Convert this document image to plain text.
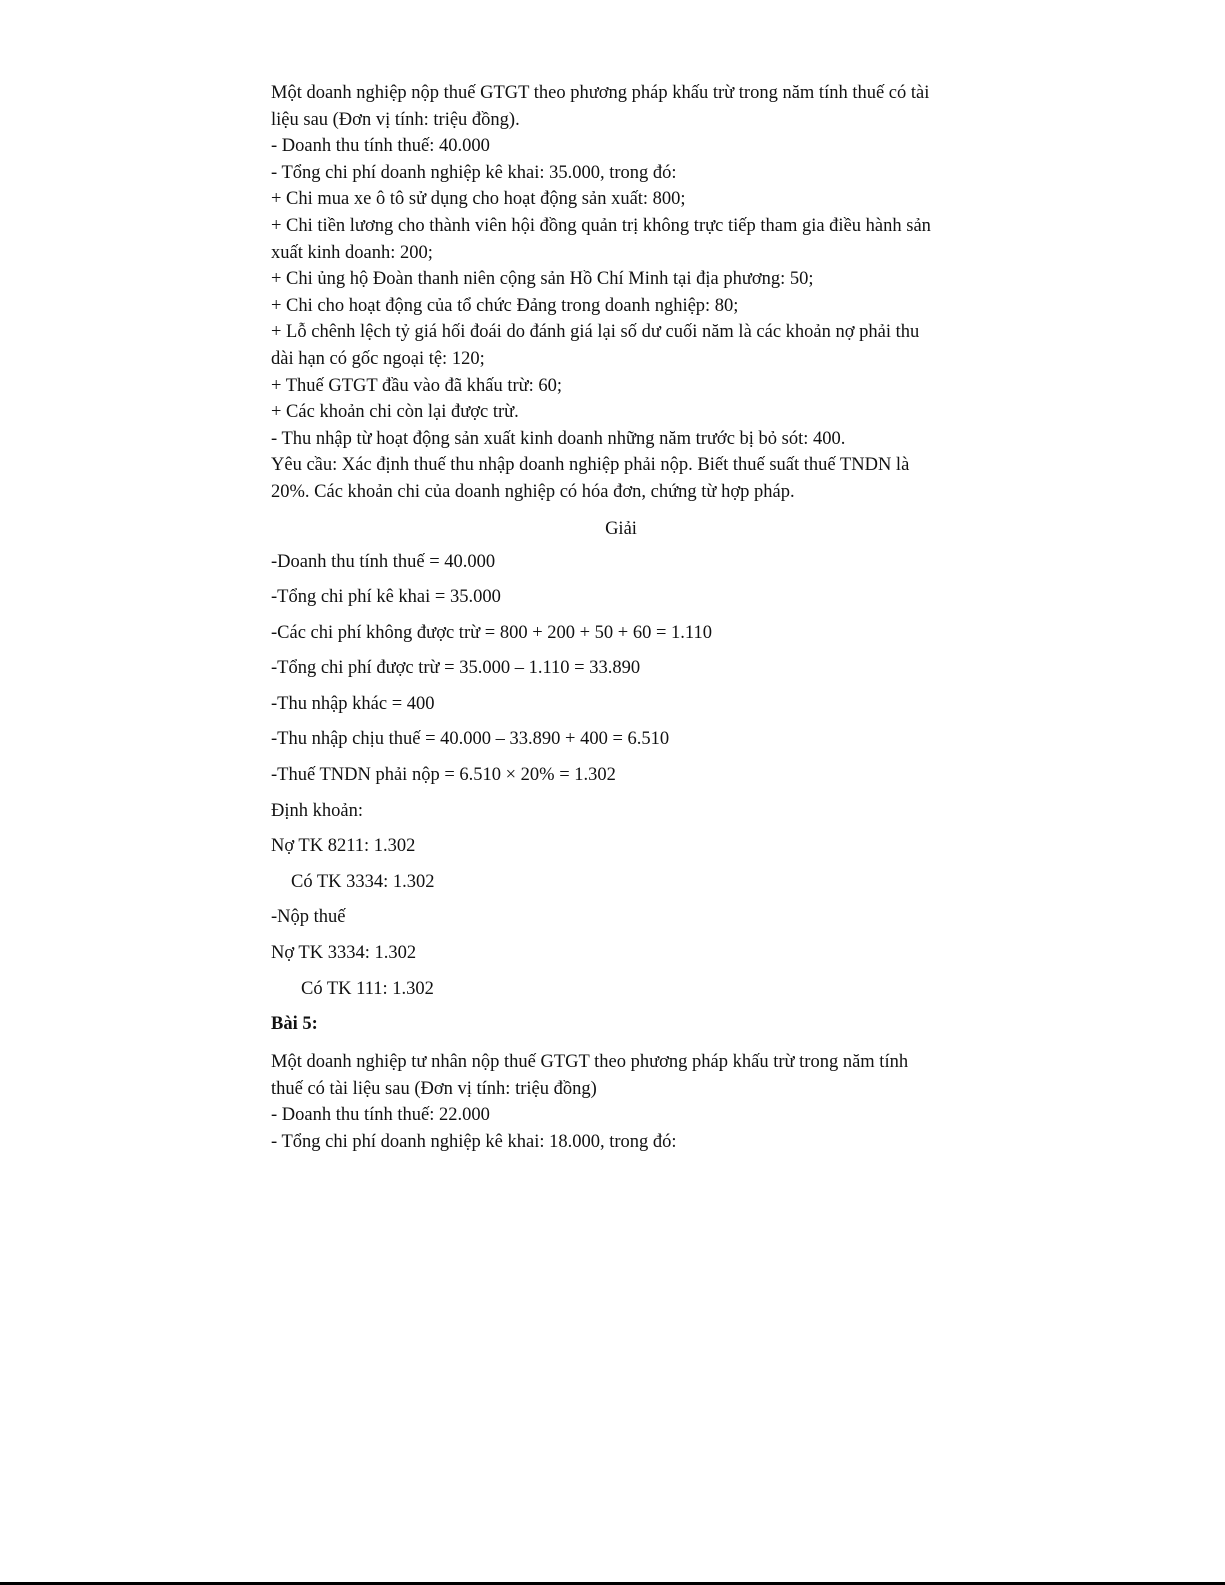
Một doanh nghiệp nộp thuế GTGT theo phương pháp khấu trừ trong năm tính thuế có tài
liệu sau (Đơn vị tính: triệu đồng).
- Doanh thu tính thuế: 40.000
- Tổng chi phí doanh nghiệp kê khai: 35.000, trong đó:
+ Chi mua xe ô tô sử dụng cho hoạt động sản xuất: 800;
+ Chi tiền lương cho thành viên hội đồng quản trị không trực tiếp tham gia điều hành sản
xuất kinh doanh: 200;
+ Chi ủng hộ Đoàn thanh niên cộng sản Hồ Chí Minh tại địa phương: 50;
+ Chi cho hoạt động của tổ chức Đảng trong doanh nghiệp: 80;
+ Lỗ chênh lệch tỷ giá hối đoái do đánh giá lại số dư cuối năm là các khoản nợ phải thu
dài hạn có gốc ngoại tệ: 120;
+ Thuế GTGT đầu vào đã khấu trừ: 60;
+ Các khoản chi còn lại được trừ.
- Thu nhập từ hoạt động sản xuất kinh doanh những năm trước bị bỏ sót: 400.
Yêu cầu: Xác định thuế thu nhập doanh nghiệp phải nộp. Biết thuế suất thuế TNDN là
20%. Các khoản chi của doanh nghiệp có hóa đơn, chứng từ hợp pháp.
Giải
-Doanh thu tính thuế = 40.000
-Tổng chi phí kê khai = 35.000
-Các chi phí không được trừ = 800 + 200 + 50 + 60 = 1.110
-Tổng chi phí được trừ = 35.000 – 1.110 = 33.890
-Thu nhập khác = 400
-Thu nhập chịu thuế = 40.000 – 33.890 + 400 = 6.510
-Thuế TNDN phải nộp = 6.510 × 20% = 1.302
Định khoản:
Nợ TK 8211: 1.302
Có TK 3334: 1.302
-Nộp thuế
Nợ TK 3334: 1.302
Có TK 111: 1.302
Bài 5:
Một doanh nghiệp tư nhân nộp thuế GTGT theo phương pháp khấu trừ trong năm tính
thuế có tài liệu sau (Đơn vị tính: triệu đồng)
- Doanh thu tính thuế: 22.000
- Tổng chi phí doanh nghiệp kê khai: 18.000, trong đó:
